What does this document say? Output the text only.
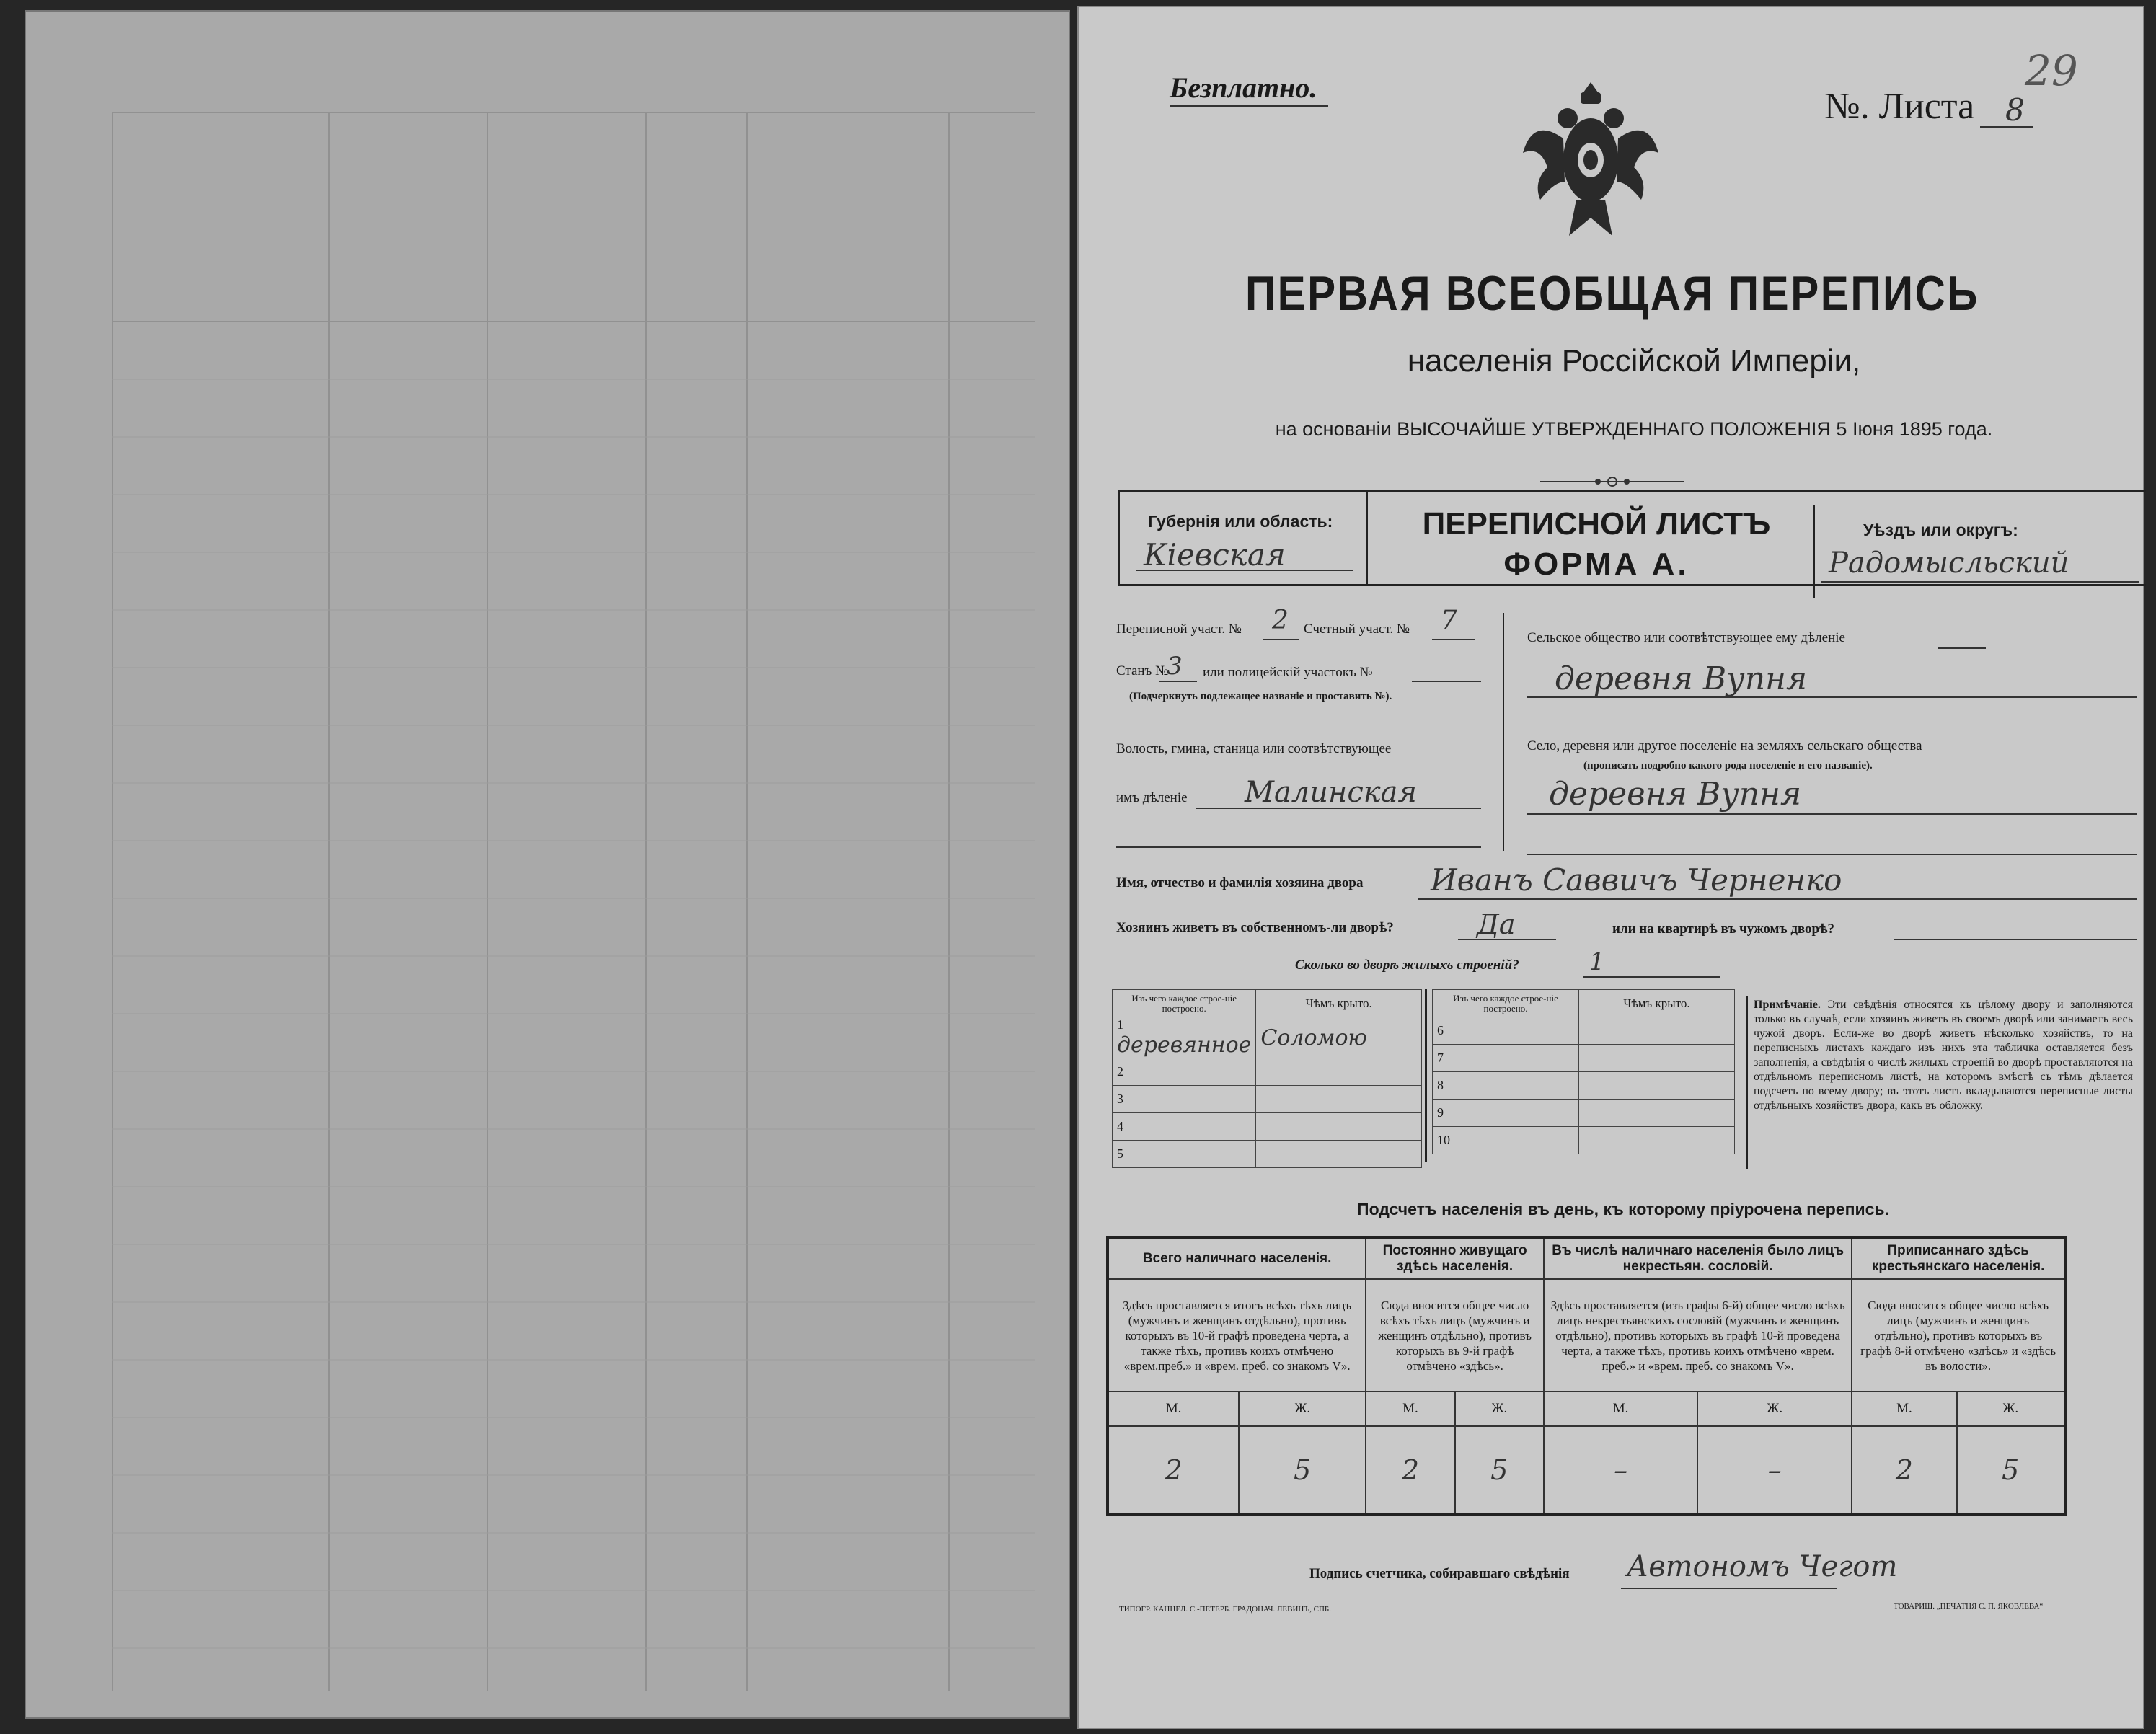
Безплатно.	№. Листа 8
29
ПЕРВАЯ ВСЕОБЩАЯ ПЕРЕПИСЬ
населенія Россійской Имперіи,
на основаніи ВЫСОЧАЙШЕ УТВЕРЖДЕННАГО ПОЛОЖЕНІЯ 5 Іюня 1895 года.
Губернія или область:
Кіевская
ПЕРЕПИСНОЙ ЛИСТЪ
ФОРМА А.
Уѣздъ или округъ:
Радомысльский
Переписной участ. № 2 Счетный участ. № 7
Станъ №
3 или полицейскій участокъ №
(Подчеркнуть подлежащее названіе и проставить №).
Волость, гмина, станица или соотвѣтствующее
имъ дѣленіе Малинская
Сельское общество или соотвѣтствующее ему дѣленіе
деревня Вупня
Село, деревня или другое поселеніе на земляхъ сельскаго общества
(прописать подробно какого рода поселеніе и его названіе).
деревня Вупня
Имя, отчество и фамилія хозяина двора Иванъ Саввичъ Черненко
Хозяинъ живетъ въ собственномъ-ли дворѣ?	Да	или на квартирѣ въ чужомъ дворѣ?
Сколько во дворѣ жилыхъ строеній?	1
Изъ чего каждое строе-ніе построено.	Чѣмъ крыто.
1 деревянное	Соломою
2	
3	
4	
5	
Изъ чего каждое строе-ніе построено.	Чѣмъ крыто.
6	
7	
8	
9	
10	
Примѣчаніе. Эти свѣдѣнія относятся къ цѣлому двору и заполняются только въ случаѣ, если хозяинъ живетъ въ своемъ дворѣ или занимаетъ весь чужой дворъ. Если-же во дворѣ живетъ нѣсколько хозяйствъ, то на переписныхъ листахъ каждаго изъ нихъ эта табличка оставляется безъ заполненія, а свѣдѣнія о числѣ жилыхъ строеній во дворѣ проставляются на отдѣльномъ переписномъ листѣ, на которомъ вмѣстѣ съ тѣмъ дѣлается подсчетъ по всему двору; въ этотъ листъ вкладываются переписные листы отдѣльныхъ хозяйствъ двора, какъ въ обложку.
Подсчетъ населенія въ день, къ которому пріурочена перепись.
Всего наличнаго населенія.		Постоянно живущаго здѣсь населенія.		Въ числѣ наличнаго населенія было лицъ некрестьян. сословій.		Приписаннаго здѣсь крестьянскаго населенія.	
Здѣсь проставляется итогъ всѣхъ тѣхъ лицъ (мужчинъ и женщинъ отдѣльно), противъ которыхъ въ 10-й графѣ проведена черта, а также тѣхъ, противъ коихъ отмѣчено «врем.преб.» и «врем. преб. со знакомъ V».		Сюда вносится общее число всѣхъ тѣхъ лицъ (мужчинъ и женщинъ отдѣльно), противъ которыхъ въ 9-й графѣ отмѣчено «здѣсь».		Здѣсь проставляется (изъ графы 6-й) общее число всѣхъ лицъ некрестьянскихъ сословій (мужчинъ и женщинъ отдѣльно), противъ которыхъ въ графѣ 10-й проведена черта, а также тѣхъ, противъ коихъ отмѣчено «врем. преб.» и «врем. преб. со знакомъ V».		Сюда вносится общее число всѣхъ лицъ (мужчинъ и женщинъ отдѣльно), противъ которыхъ въ графѣ 8-й отмѣчено «здѣсь» и «здѣсь въ волости».	
М.	Ж.	М.	Ж.	М.	Ж.	М.	Ж.
2	5	2	5	–	–	2	5
Подпись счетчика, собиравшаго свѣдѣнія Автономъ Чегот
ТИПОГР. КАНЦЕЛ. С.-ПЕТЕРБ. ГРАДОНАЧ. ЛЕВИНЪ, СПБ.	ТОВАРИЩ. „ПЕЧАТНЯ С. П. ЯКОВЛЕВА“
